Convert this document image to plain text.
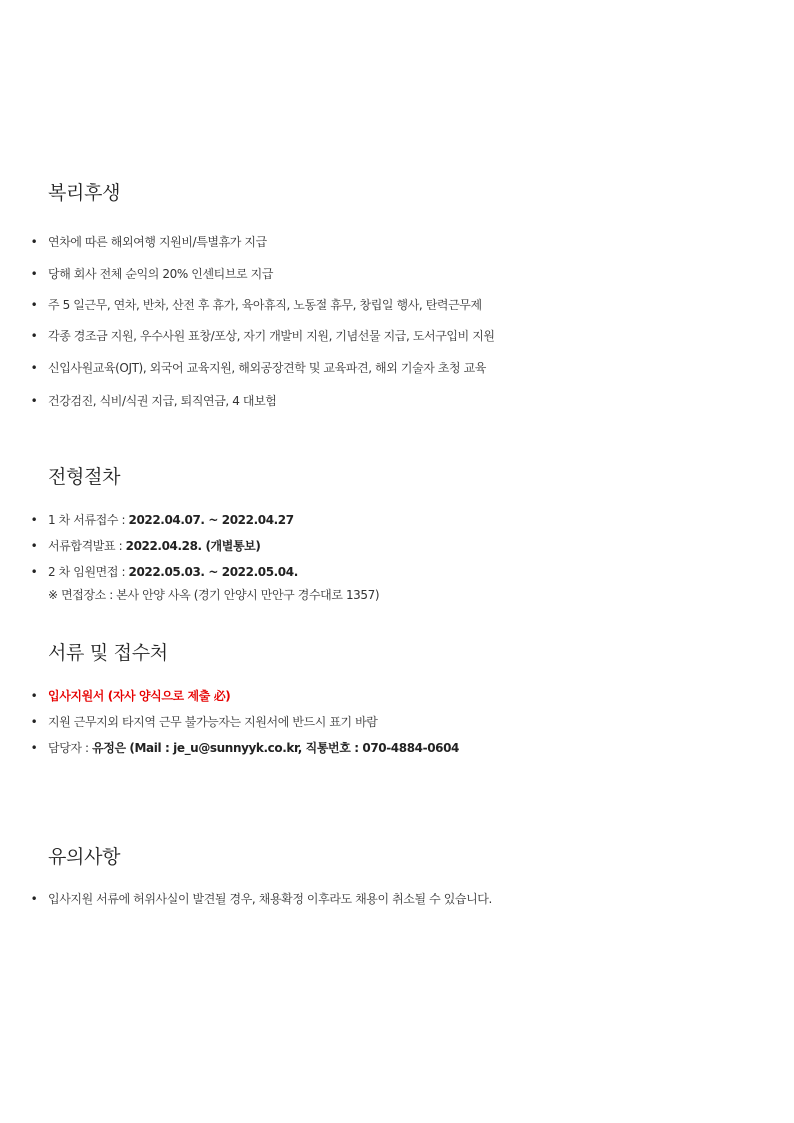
복리후생
• 연차에 따른 해외여행 지원비/특별휴가 지급
• 당해 회사 전체 순익의 20% 인센티브로 지급
• 주 5 일근무, 연차, 반차, 산전 후 휴가, 육아휴직, 노동절 휴무, 창립일 행사, 탄력근무제
• 각종 경조금 지원, 우수사원 표창/포상, 자기 개발비 지원, 기념선물 지급, 도서구입비 지원
• 신입사원교육(OJT), 외국어 교육지원, 해외공장견학 및 교육파견, 해외 기술자 초청 교육
• 건강검진, 식비/식권 지급, 퇴직연금, 4 대보험
전형절차
• 1 차 서류접수 : 2022.04.07. ~ 2022.04.27
• 서류합격발표 : 2022.04.28. (개별통보)
• 2 차 임원면접 : 2022.05.03. ~ 2022.05.04.
※ 면접장소 : 본사 안양 사옥 (경기 안양시 만안구 경수대로 1357)
서류 및 접수처
• 입사지원서 (자사 양식으로 제출 必)
• 지원 근무지외 타지역 근무 불가능자는 지원서에 반드시 표기 바람
• 담당자 : 유정은 (Mail : je_u@sunnyyk.co.kr, 직통번호 : 070-4884-0604
유의사항
• 입사지원 서류에 허위사실이 발견될 경우, 채용확정 이후라도 채용이 취소될 수 있습니다.
